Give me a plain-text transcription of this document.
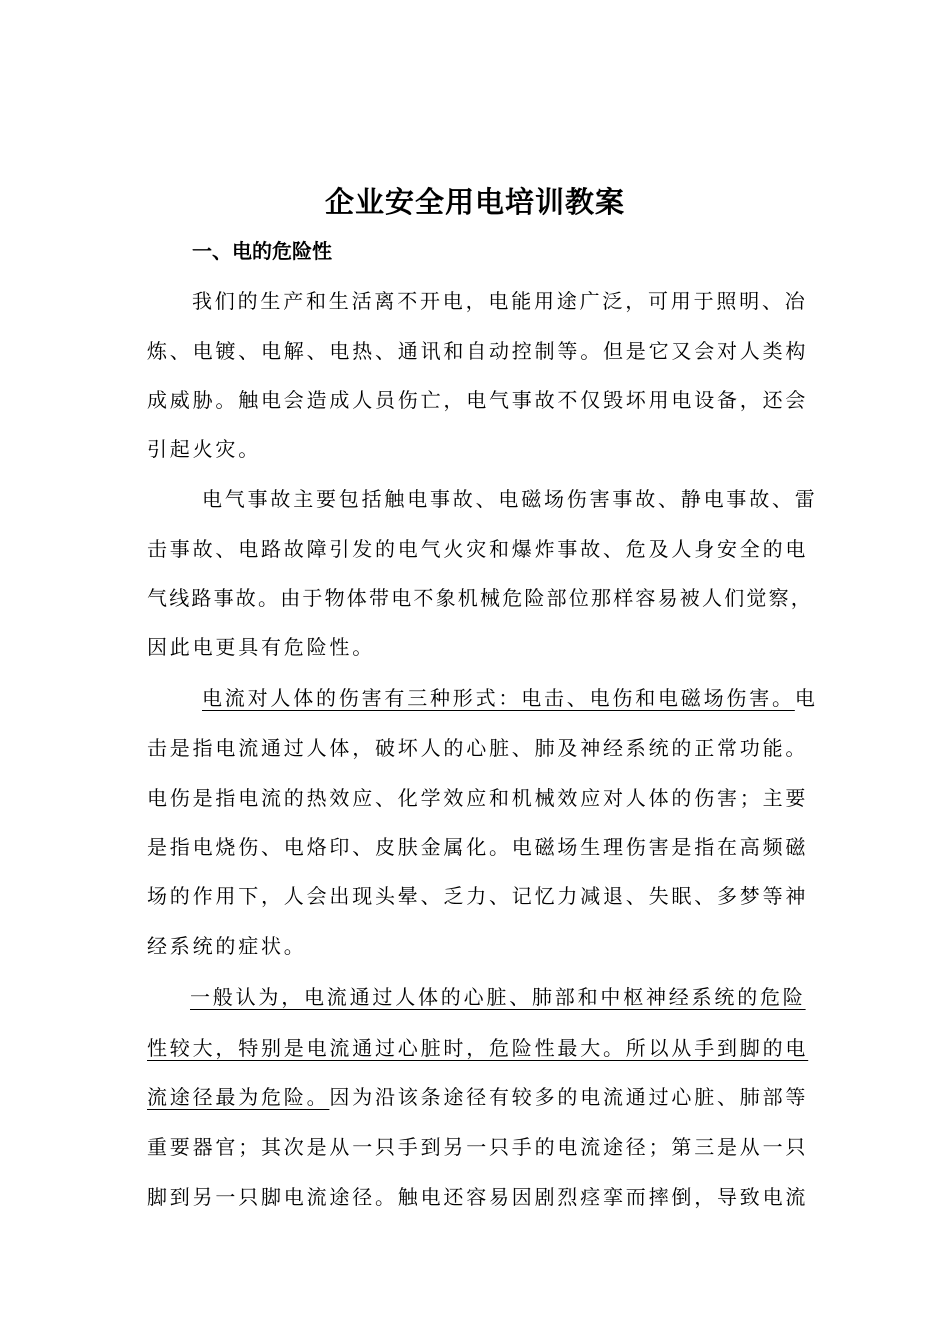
企业安全用电培训教案
一、电的危险性

我们的生产和生活离不开电，电能用途广泛，可用于照明、冶

炼、电镀、电解、电热、通讯和自动控制等。但是它又会对人类构

成威胁。触电会造成人员伤亡，电气事故不仅毁坏用电设备，还会

引起火灾。

电气事故主要包括触电事故、电磁场伤害事故、静电事故、雷

击事故、电路故障引发的电气火灾和爆炸事故、危及人身安全的电

气线路事故。由于物体带电不象机械危险部位那样容易被人们觉察，

因此电更具有危险性。

电流对人体的伤害有三种形式：电击、电伤和电磁场伤害。电

击是指电流通过人体，破坏人的心脏、肺及神经系统的正常功能。

电伤是指电流的热效应、化学效应和机械效应对人体的伤害；主要

是指电烧伤、电烙印、皮肤金属化。电磁场生理伤害是指在高频磁

场的作用下，人会出现头晕、乏力、记忆力减退、失眠、多梦等神

经系统的症状。

一般认为，电流通过人体的心脏、肺部和中枢神经系统的危险

性较大，特别是电流通过心脏时，危险性最大。所以从手到脚的电

流途径最为危险。因为沿该条途径有较多的电流通过心脏、肺部等

重要器官；其次是从一只手到另一只手的电流途径；第三是从一只

脚到另一只脚电流途径。触电还容易因剧烈痉挛而摔倒，导致电流
